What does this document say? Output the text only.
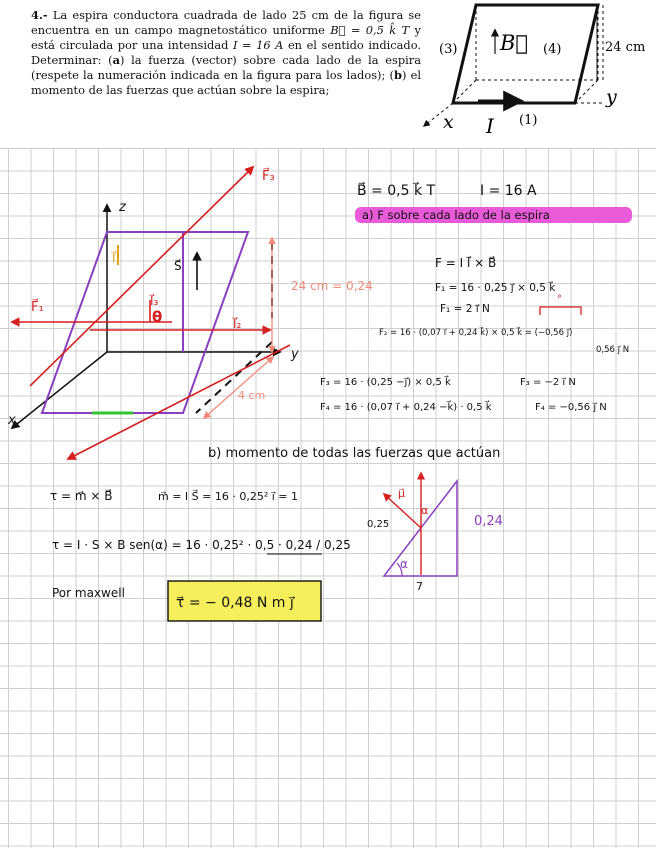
4.- La espira conductora cuadrada de lado 25 cm de la figura se encuentra en un campo magnetostático uniforme B⃗ = 0,5 k̂ T y está circulada por una intensidad I = 16 A en el sentido indicado. Determinar: (a) la fuerza (vector) sobre cada lado de la espira (respete la numeración indicada en la figura para los lados); (b) el momento de las fuerzas que actúan sobre la espira;

(3)	(4)
(1)
B⃗	24 cm
x
y
I
z
y
x
F⃗₁
F⃗₃
I⃗₃
θ	I⃗₂
S⃗
I⃗
24 cm = 0,24
4 cm
B⃗ = 0,5 k⃗ T	I = 16 A
a) F sobre cada lado de la espira
F = I l⃗ × B⃗
F₁ = 16 · 0,25 j⃗ × 0,5 k⃗
F₁ = 2 i⃗ N
°
F₂ = 16 · (0,07 i⃗ + 0,24 k⃗) × 0,5 k⃗ = (−0,56 j⃗)
0,56 j⃗ N
F₃ = 16 · (0,25 −j⃗) × 0,5 k⃗	F₃ = −2 i⃗ N
F₄ = 16 · (0,07 i⃗ + 0,24 −k⃗) · 0,5 k⃗	F₄ = −0,56 j⃗ N
b) momento de todas las fuerzas que actúan
τ = m⃗ × B⃗	m⃗ = I S⃗ = 16 · 0,25² i⃗ = 1
τ = I · S × B sen(α) = 16 · 0,25² · 0,5 · 0,24 / 0,25
Por maxwell
τ⃗ = − 0,48 N m j⃗
0,25	0,24
7
α
α
μ⃗
